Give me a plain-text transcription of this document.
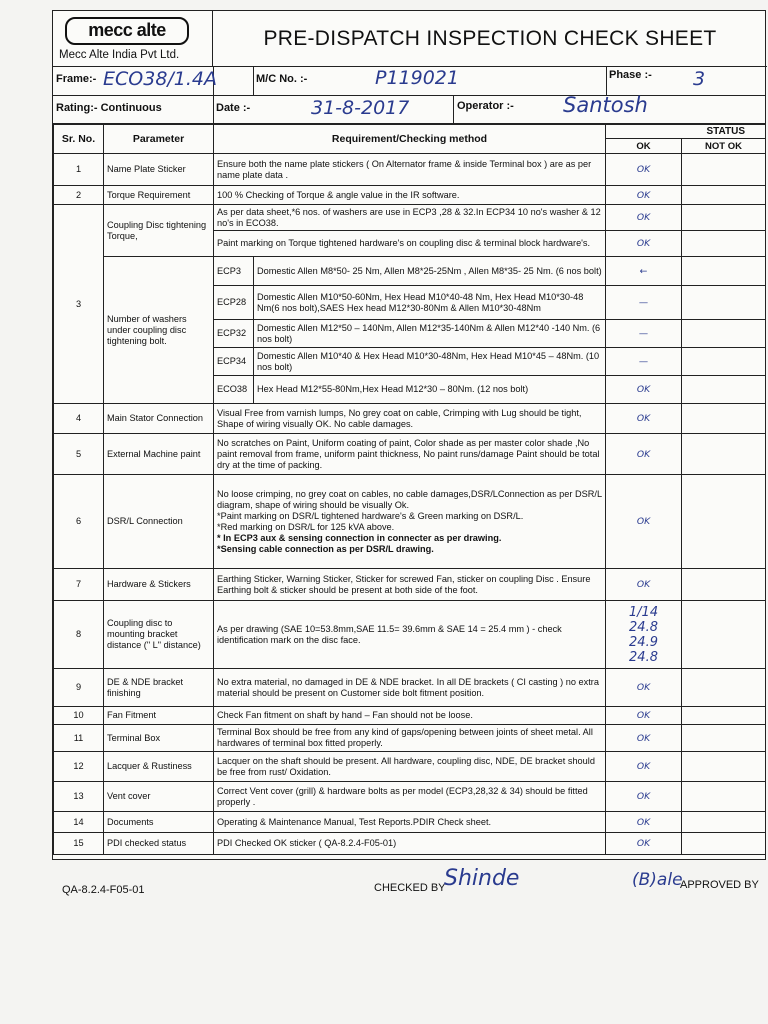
mecc alte
Mecc Alte India Pvt Ltd.
PRE-DISPATCH INSPECTION CHECK SHEET
Frame:- ECO38/1.4A	M/C No. :-	P119021	Phase :- 3
Rating:- Continuous	Date :-	31-8-2017	Operator :- Santosh
Sr. No.	Parameter	Requirement/Checking method		STATUS	
				OK	NOT OK
1	Name Plate Sticker	Ensure both the name plate stickers ( On Alternator frame & inside Terminal box ) are as per name plate data .		OK	
2	Torque Requirement	100 % Checking of Torque & angle value in the IR software.		OK	
3	Coupling Disc tightening Torque,	As per data sheet,*6 nos. of washers are use in ECP3 ,28 & 32.In ECP34 10 no's washer & 12 no's in ECO38.		OK	
		Paint marking on Torque tightened hardware's on coupling disc & terminal block hardware's.		OK	
	Number of washers under coupling disc tightening bolt.	ECP3	Domestic Allen M8*50- 25 Nm, Allen M8*25-25Nm , Allen M8*35- 25 Nm. (6 nos bolt)	←	
		ECP28	Domestic Allen M10*50-60Nm, Hex Head M10*40-48 Nm, Hex Head M10*30-48 Nm(6 nos bolt),SAES Hex head M12*30-80Nm & Allen M10*30-48Nm	—	
		ECP32	Domestic Allen M12*50 – 140Nm, Allen M12*35-140Nm & Allen M12*40 -140 Nm. (6 nos bolt)	—	
		ECP34	Domestic Allen M10*40 & Hex Head M10*30-48Nm, Hex Head M10*45 – 48Nm. (10 nos bolt)	—	
		ECO38	Hex Head M12*55-80Nm,Hex Head M12*30 – 80Nm. (12 nos bolt)	OK	
4	Main Stator Connection	Visual Free from varnish lumps, No grey coat on cable, Crimping with Lug should be tight, Shape of wiring visually OK. No cable damages.		OK	
5	External Machine paint	No scratches on Paint, Uniform coating of paint, Color shade as per master color shade ,No paint removal from frame, uniform paint thickness, No paint runs/damage Paint should be total dry at the time of packing.		OK	
6	DSR/L Connection	No loose crimping, no grey coat on cables, no cable damages,DSR/LConnection as per DSR/L diagram, shape of wiring should be visually Ok.
*Paint marking on DSR/L tightened hardware's & Green marking on DSR/L.
*Red marking on DSR/L for 125 kVA above.
* In ECP3 aux & sensing connection in connecter as per drawing.
*Sensing cable connection as per DSR/L drawing.		OK	
7	Hardware & Stickers	Earthing Sticker, Warning Sticker, Sticker for screwed Fan, sticker on coupling Disc . Ensure Earthing bolt & sticker should be present at both side of the foot.		OK	
8	Coupling disc to mounting bracket distance (" L" distance)	As per drawing (SAE 10=53.8mm,SAE 11.5= 39.6mm & SAE 14 = 25.4 mm ) - check identification mark on the disc face.		1/14
24.8
24.9
24.8	

9	DE & NDE bracket finishing	No extra material, no damaged in DE & NDE bracket. In all DE brackets ( CI casting ) no extra material should be present on Customer side bolt fitment position.		OK	
10	Fan Fitment	Check Fan fitment on shaft by hand – Fan should not be loose.		OK	
11	Terminal Box	Terminal Box should be free from any kind of gaps/opening between joints of sheet metal. All hardwares of terminal box fitted properly.		OK	
12	Lacquer & Rustiness	Lacquer on the shaft should be present. All hardware, coupling disc, NDE, DE bracket should be free from rust/ Oxidation.		OK	
13	Vent cover	Correct Vent cover (grill) & hardware bolts as per model (ECP3,28,32 & 34) should be fitted properly .		OK	
14	Documents	Operating & Maintenance Manual, Test Reports.PDIR Check sheet.		OK	
15	PDI checked status	PDI Checked OK sticker ( QA-8.2.4-F05-01)		OK	
QA-8.2.4-F05-01	CHECKED BY
Shinde	(B)ale
APPROVED BY
